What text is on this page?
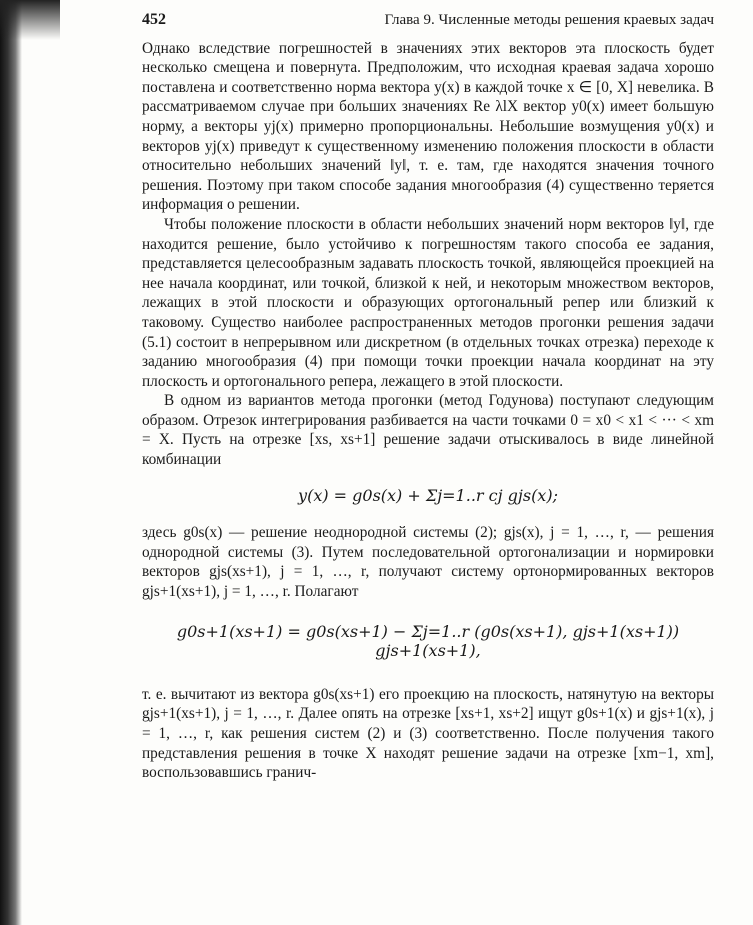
452	Глава 9. Численные методы решения краевых задач

Однако вследствие погрешностей в значениях этих векторов эта плоскость будет несколько смещена и повернута. Предположим, что исходная краевая задача хорошо поставлена и соответственно норма вектора y(x) в каждой точке x ∈ [0, X] невелика. В рассматриваемом случае при больших значениях Re λlX вектор y0(x) имеет большую норму, а векторы yj(x) примерно пропорциональны. Небольшие возмущения y0(x) и векторов yj(x) приведут к существенному изменению положения плоскости в области относительно небольших значений ‖y‖, т. е. там, где находятся значения точного решения. Поэтому при таком способе задания многообразия (4) существенно теряется информация о решении.

Чтобы положение плоскости в области небольших значений норм векторов ‖y‖, где находится решение, было устойчиво к погрешностям такого способа ее задания, представляется целесообразным задавать плоскость точкой, являющейся проекцией на нее начала координат, или точкой, близкой к ней, и некоторым множеством векторов, лежащих в этой плоскости и образующих ортогональный репер или близкий к таковому. Существо наиболее распространенных методов прогонки решения задачи (5.1) состоит в непрерывном или дискретном (в отдельных точках отрезка) переходе к заданию многообразия (4) при помощи точки проекции начала координат на эту плоскость и ортогонального репера, лежащего в этой плоскости.

В одном из вариантов метода прогонки (метод Годунова) поступают следующим образом. Отрезок интегрирования разбивается на части точками 0 = x0 < x1 < ··· < xm = X. Пусть на отрезке [xs, xs+1] решение задачи отыскивалось в виде линейной комбинации

y(x) = g0s(x) + Σj=1..r cj gjs(x);

здесь g0s(x) — решение неоднородной системы (2); gjs(x), j = 1, …, r, — решения однородной системы (3). Путем последовательной ортогонализации и нормировки векторов gjs(xs+1), j = 1, …, r, получают систему ортонормированных векторов gjs+1(xs+1), j = 1, …, r. Полагают

g0s+1(xs+1) = g0s(xs+1) − Σj=1..r (g0s(xs+1), gjs+1(xs+1)) gjs+1(xs+1),

т. е. вычитают из вектора g0s(xs+1) его проекцию на плоскость, натянутую на векторы gjs+1(xs+1), j = 1, …, r. Далее опять на отрезке [xs+1, xs+2] ищут g0s+1(x) и gjs+1(x), j = 1, …, r, как решения систем (2) и (3) соответственно. После получения такого представления решения в точке X находят решение задачи на отрезке [xm−1, xm], воспользовавшись гранич-
